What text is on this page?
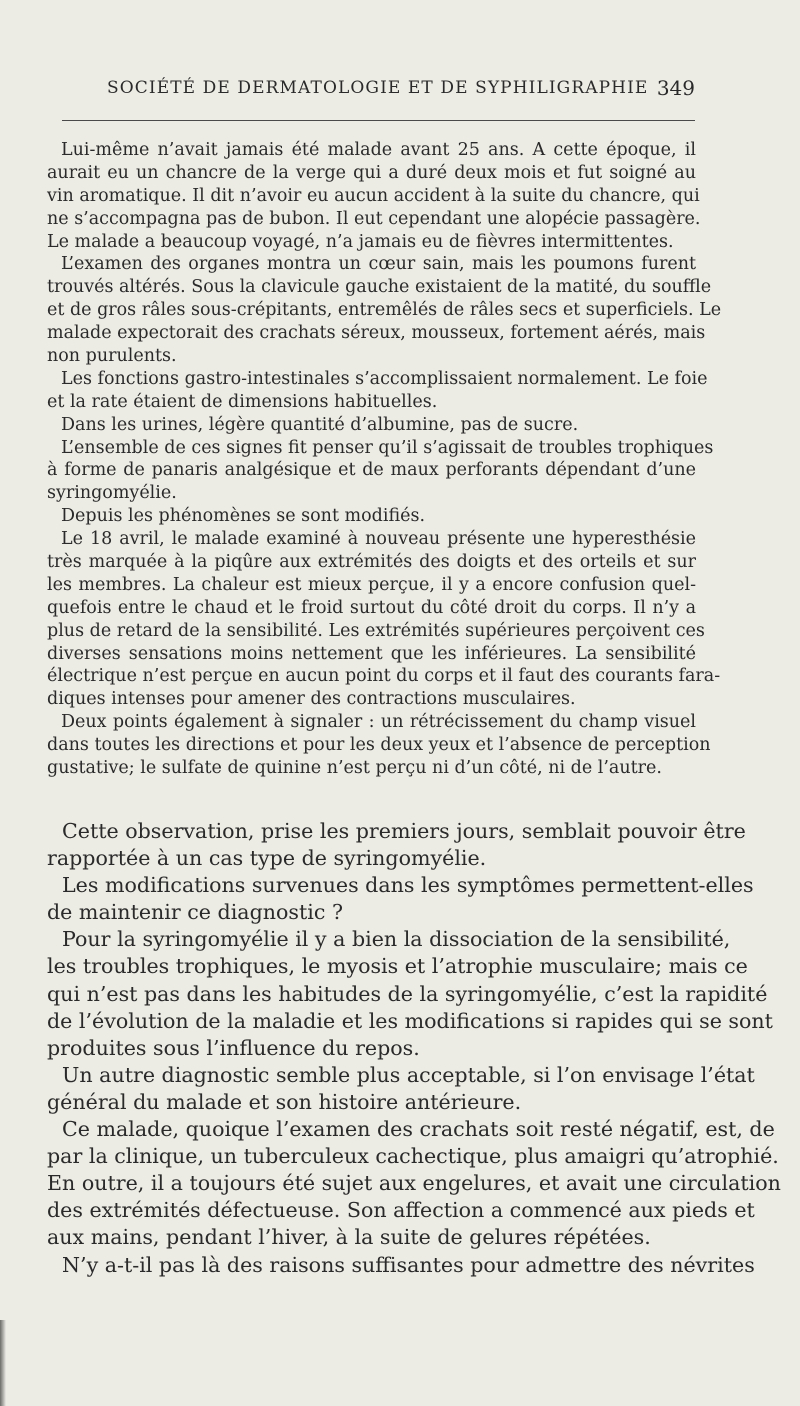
SOCIÉTÉ DE DERMATOLOGIE ET DE SYPHILIGRAPHIE 349

Lui-même n’avait jamais été malade avant 25 ans. A cette époque, il

aurait eu un chancre de la verge qui a duré deux mois et fut soigné au

vin aromatique. Il dit n’avoir eu aucun accident à la suite du chancre, qui

ne s’accompagna pas de bubon. Il eut cependant une alopécie passagère.

Le malade a beaucoup voyagé, n’a jamais eu de fièvres intermittentes.

L’examen des organes montra un cœur sain, mais les poumons furent

trouvés altérés. Sous la clavicule gauche existaient de la matité, du souffle

et de gros râles sous-crépitants, entremêlés de râles secs et superficiels. Le

malade expectorait des crachats séreux, mousseux, fortement aérés, mais

non purulents.

Les fonctions gastro-intestinales s’accomplissaient normalement. Le foie

et la rate étaient de dimensions habituelles.

Dans les urines, légère quantité d’albumine, pas de sucre.

L’ensemble de ces signes fit penser qu’il s’agissait de troubles trophiques

à forme de panaris analgésique et de maux perforants dépendant d’une

syringomyélie.

Depuis les phénomènes se sont modifiés.

Le 18 avril, le malade examiné à nouveau présente une hyperesthésie

très marquée à la piqûre aux extrémités des doigts et des orteils et sur

les membres. La chaleur est mieux perçue, il y a encore confusion quel-

quefois entre le chaud et le froid surtout du côté droit du corps. Il n’y a

plus de retard de la sensibilité. Les extrémités supérieures perçoivent ces

diverses sensations moins nettement que les inférieures. La sensibilité

électrique n’est perçue en aucun point du corps et il faut des courants fara-

diques intenses pour amener des contractions musculaires.

Deux points également à signaler : un rétrécissement du champ visuel

dans toutes les directions et pour les deux yeux et l’absence de perception

gustative; le sulfate de quinine n’est perçu ni d’un côté, ni de l’autre.

Cette observation, prise les premiers jours, semblait pouvoir être

rapportée à un cas type de syringomyélie.

Les modifications survenues dans les symptômes permettent-elles

de maintenir ce diagnostic ?

Pour la syringomyélie il y a bien la dissociation de la sensibilité,

les troubles trophiques, le myosis et l’atrophie musculaire; mais ce

qui n’est pas dans les habitudes de la syringomyélie, c’est la rapidité

de l’évolution de la maladie et les modifications si rapides qui se sont

produites sous l’influence du repos.

Un autre diagnostic semble plus acceptable, si l’on envisage l’état

général du malade et son histoire antérieure.

Ce malade, quoique l’examen des crachats soit resté négatif, est, de

par la clinique, un tuberculeux cachectique, plus amaigri qu’atrophié.

En outre, il a toujours été sujet aux engelures, et avait une circulation

des extrémités défectueuse. Son affection a commencé aux pieds et

aux mains, pendant l’hiver, à la suite de gelures répétées.

N’y a-t-il pas là des raisons suffisantes pour admettre des névrites
